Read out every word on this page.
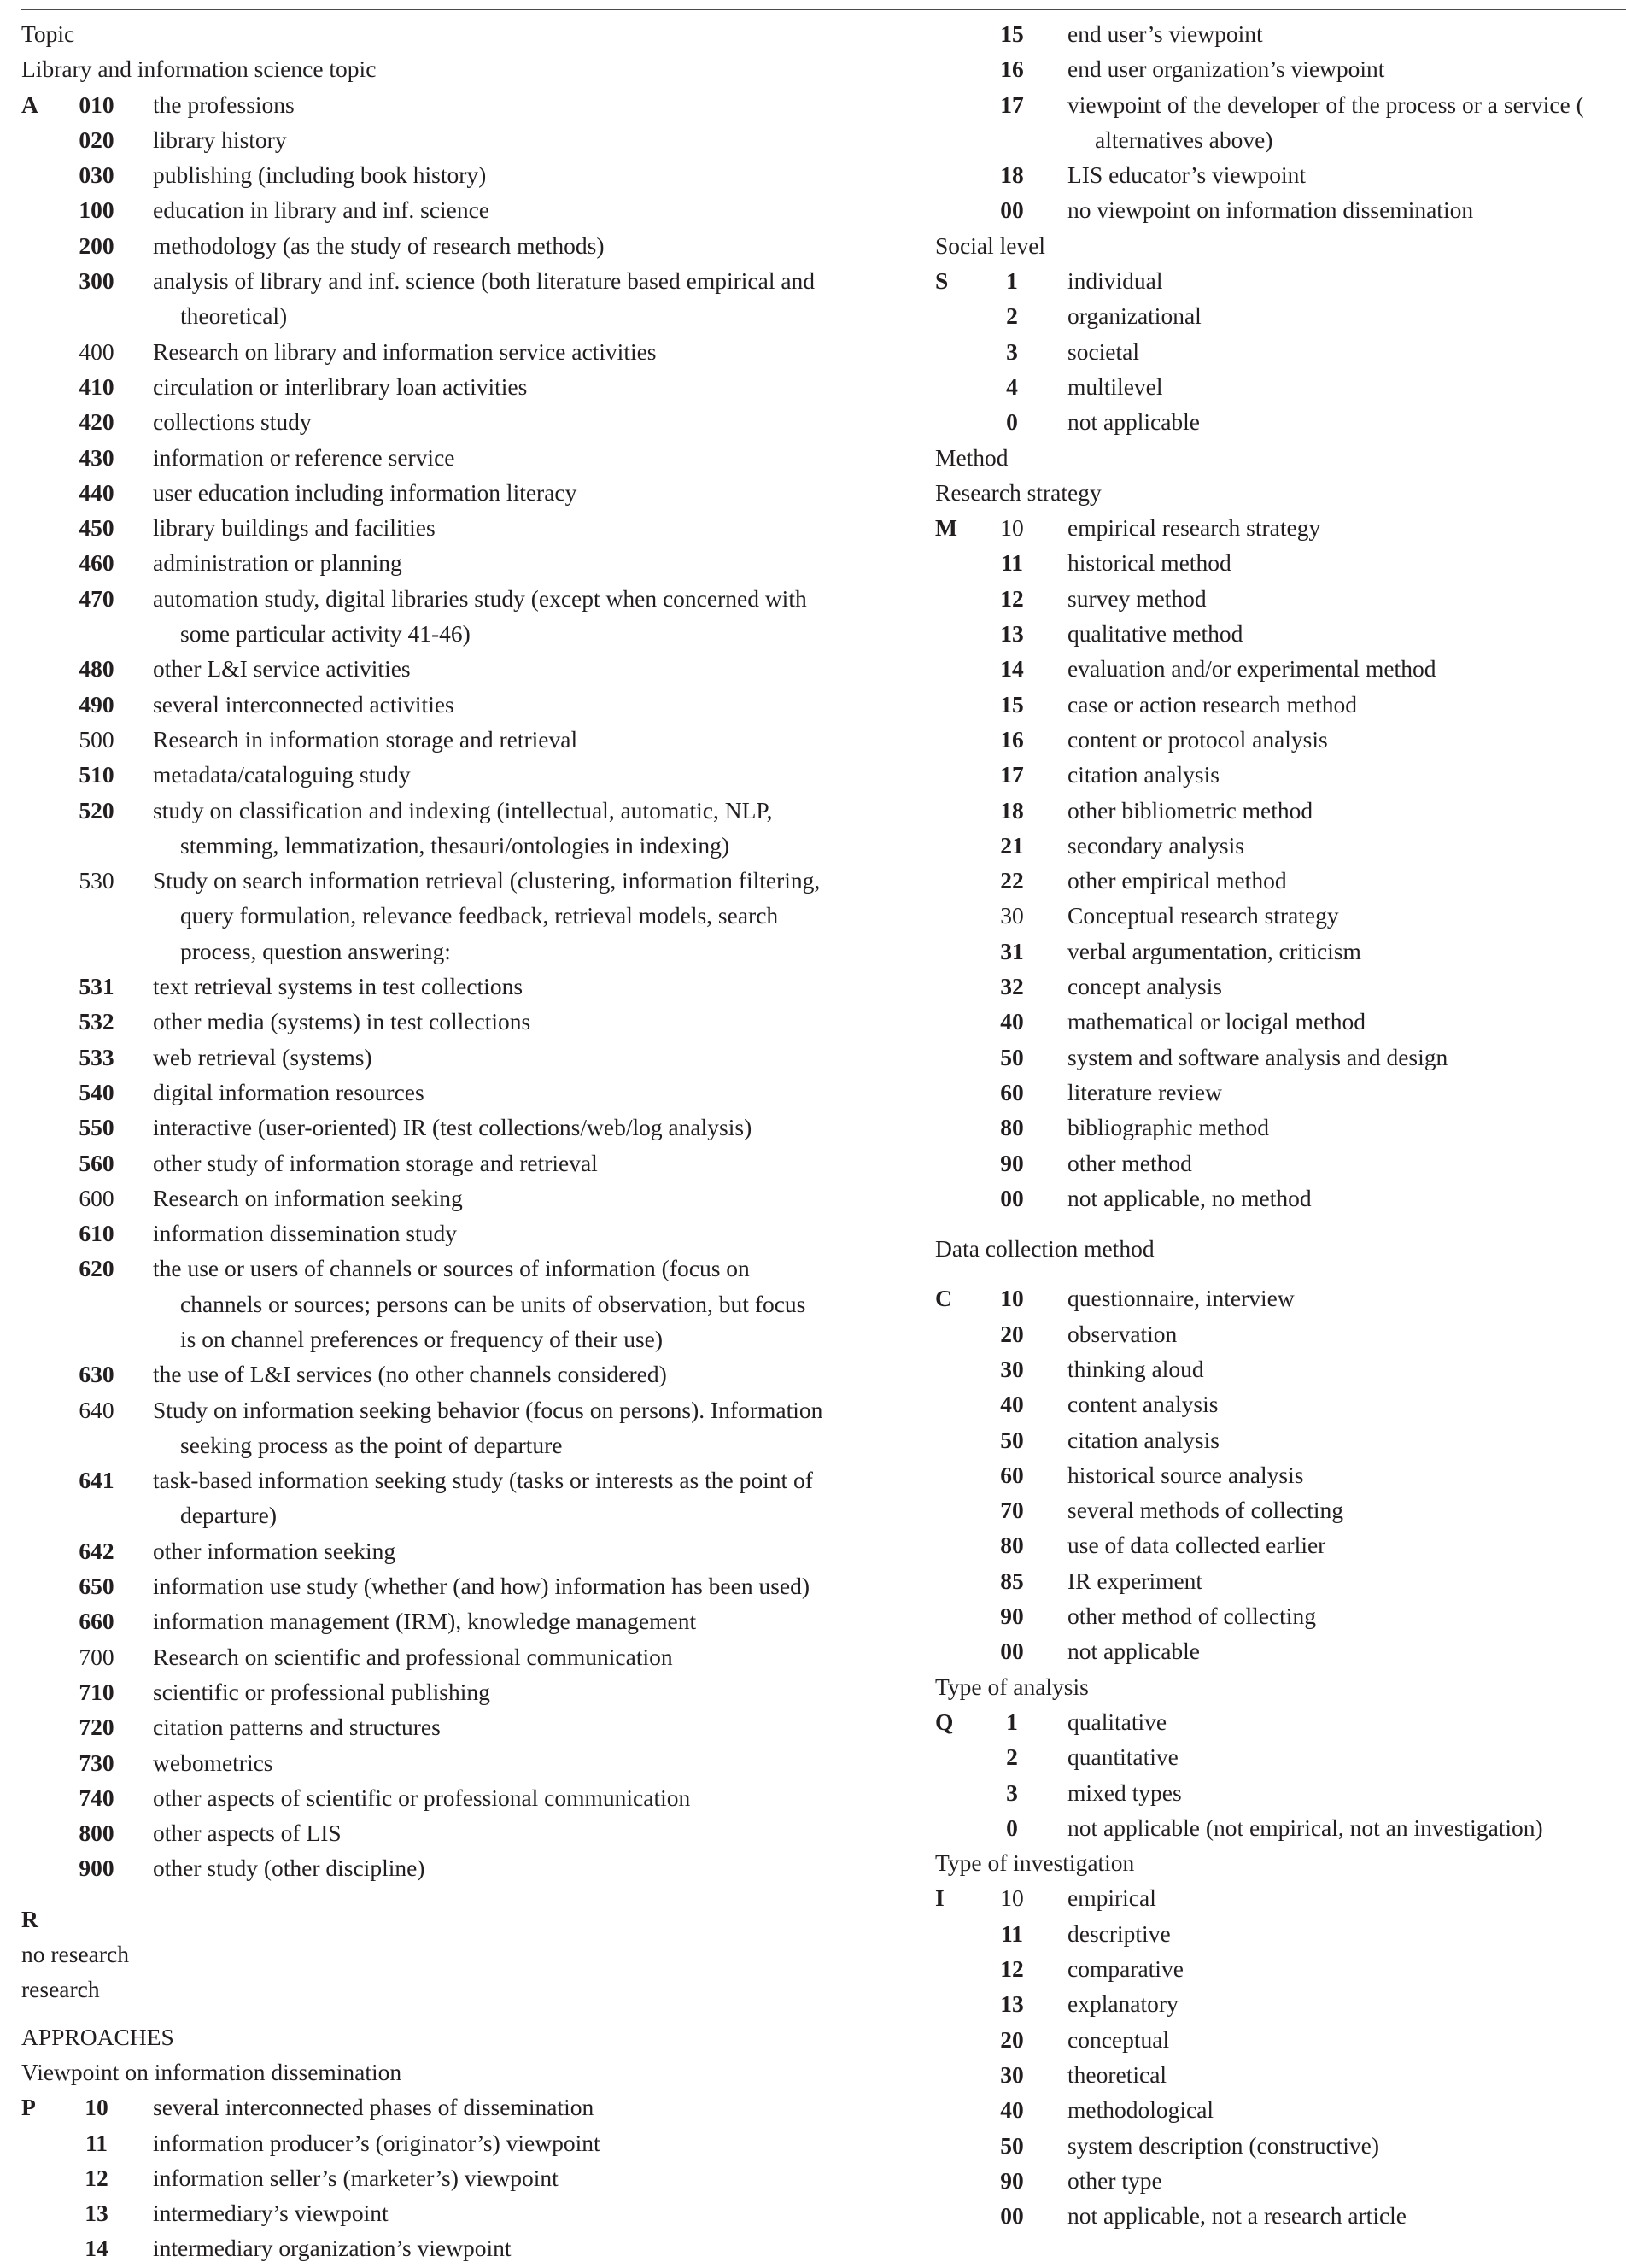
Topic
Library and information science topic
A	010	the professions
020	library history
030	publishing (including book history)
100	education in library and inf. science
200	methodology (as the study of research methods)
300	analysis of library and inf. science (both literature based empirical and
theoretical)
400	Research on library and information service activities
410	circulation or interlibrary loan activities
420	collections study
430	information or reference service
440	user education including information literacy
450	library buildings and facilities
460	administration or planning
470	automation study, digital libraries study (except when concerned with
some particular activity 41-46)
480	other L&I service activities
490	several interconnected activities
500	Research in information storage and retrieval
510	metadata/cataloguing study
520	study on classification and indexing (intellectual, automatic, NLP,
stemming, lemmatization, thesauri/ontologies in indexing)
530	Study on search information retrieval (clustering, information filtering,
query formulation, relevance feedback, retrieval models, search
process, question answering:
531	text retrieval systems in test collections
532	other media (systems) in test collections
533	web retrieval (systems)
540	digital information resources
550	interactive (user-oriented) IR (test collections/web/log analysis)
560	other study of information storage and retrieval
600	Research on information seeking
610	information dissemination study
620	the use or users of channels or sources of information (focus on
channels or sources; persons can be units of observation, but focus
is on channel preferences or frequency of their use)
630	the use of L&I services (no other channels considered)
640	Study on information seeking behavior (focus on persons). Information
seeking process as the point of departure
641	task-based information seeking study (tasks or interests as the point of
departure)
642	other information seeking
650	information use study (whether (and how) information has been used)
660	information management (IRM), knowledge management
700	Research on scientific and professional communication
710	scientific or professional publishing
720	citation patterns and structures
730	webometrics
740	other aspects of scientific or professional communication
800	other aspects of LIS
900	other study (other discipline)
R
no research
research
APPROACHES
Viewpoint on information dissemination
P	10	several interconnected phases of dissemination
11	information producer’s (originator’s) viewpoint
12	information seller’s (marketer’s) viewpoint
13	intermediary’s viewpoint
14	intermediary organization’s viewpoint
15	end user’s viewpoint
16	end user organization’s viewpoint
17	viewpoint of the developer of the process or a service (
alternatives above)
18	LIS educator’s viewpoint
00	no viewpoint on information dissemination
Social level
S	1	individual
2	organizational
3	societal
4	multilevel
0	not applicable
Method
Research strategy
M	10	empirical research strategy
11	historical method
12	survey method
13	qualitative method
14	evaluation and/or experimental method
15	case or action research method
16	content or protocol analysis
17	citation analysis
18	other bibliometric method
21	secondary analysis
22	other empirical method
30	Conceptual research strategy
31	verbal argumentation, criticism
32	concept analysis
40	mathematical or locigal method
50	system and software analysis and design
60	literature review
80	bibliographic method
90	other method
00	not applicable, no method
Data collection method
C	10	questionnaire, interview
20	observation
30	thinking aloud
40	content analysis
50	citation analysis
60	historical source analysis
70	several methods of collecting
80	use of data collected earlier
85	IR experiment
90	other method of collecting
00	not applicable
Type of analysis
Q	1	qualitative
2	quantitative
3	mixed types
0	not applicable (not empirical, not an investigation)
Type of investigation
I	10	empirical
11	descriptive
12	comparative
13	explanatory
20	conceptual
30	theoretical
40	methodological
50	system description (constructive)
90	other type
00	not applicable, not a research article
